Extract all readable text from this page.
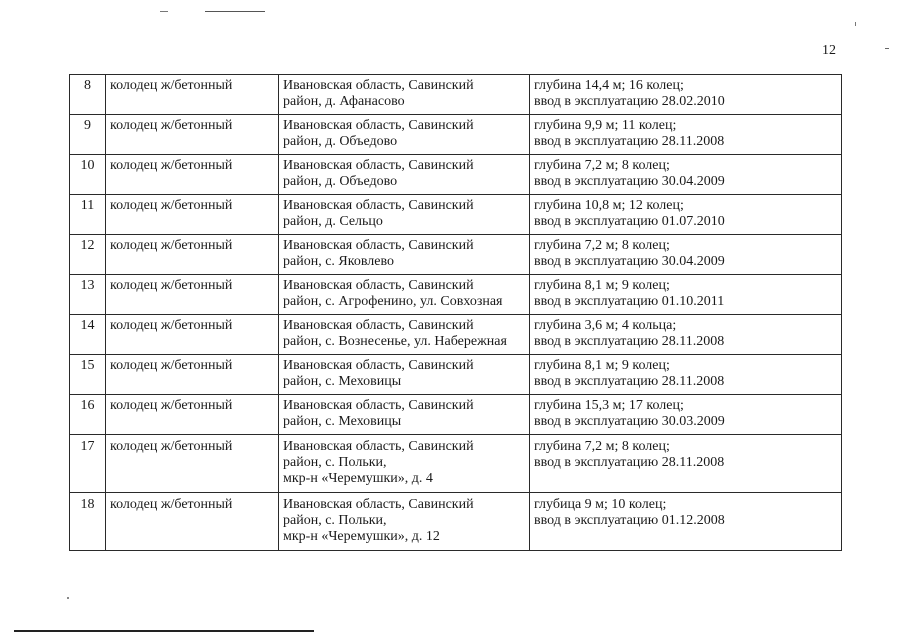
12
8	колодец ж/бетонный	Ивановская область, Савинский
район, д. Афанасово	глубина 14,4 м; 16 колец;
ввод в эксплуатацию 28.02.2010

9	колодец ж/бетонный	Ивановская область, Савинский
район, д. Объедово	глубина 9,9 м; 11 колец;
ввод в эксплуатацию 28.11.2008

10	колодец ж/бетонный	Ивановская область, Савинский
район, д. Объедово	глубина 7,2 м; 8 колец;
ввод в эксплуатацию 30.04.2009

11	колодец ж/бетонный	Ивановская область, Савинский
район, д. Сельцо	глубина 10,8 м; 12 колец;
ввод в эксплуатацию 01.07.2010

12	колодец ж/бетонный	Ивановская область, Савинский
район, с. Яковлево	глубина 7,2 м; 8 колец;
ввод в эксплуатацию 30.04.2009

13	колодец ж/бетонный	Ивановская область, Савинский
район, с. Агрофенино, ул. Совхозная	глубина 8,1 м; 9 колец;
ввод в эксплуатацию 01.10.2011

14	колодец ж/бетонный	Ивановская область, Савинский
район, с. Вознесенье, ул. Набережная	глубина 3,6 м; 4 кольца;
ввод в эксплуатацию 28.11.2008

15	колодец ж/бетонный	Ивановская область, Савинский
район, с. Меховицы	глубина 8,1 м; 9 колец;
ввод в эксплуатацию 28.11.2008

16	колодец ж/бетонный	Ивановская область, Савинский
район, с. Меховицы	глубина 15,3 м; 17 колец;
ввод в эксплуатацию 30.03.2009

17	колодец ж/бетонный	Ивановская область, Савинский
район, с. Польки,
мкр-н «Черемушки», д. 4	глубина 7,2 м; 8 колец;
ввод в эксплуатацию 28.11.2008

18	колодец ж/бетонный	Ивановская область, Савинский
район, с. Польки,
мкр-н «Черемушки», д. 12	глубица 9 м; 10 колец;
ввод в эксплуатацию 01.12.2008
